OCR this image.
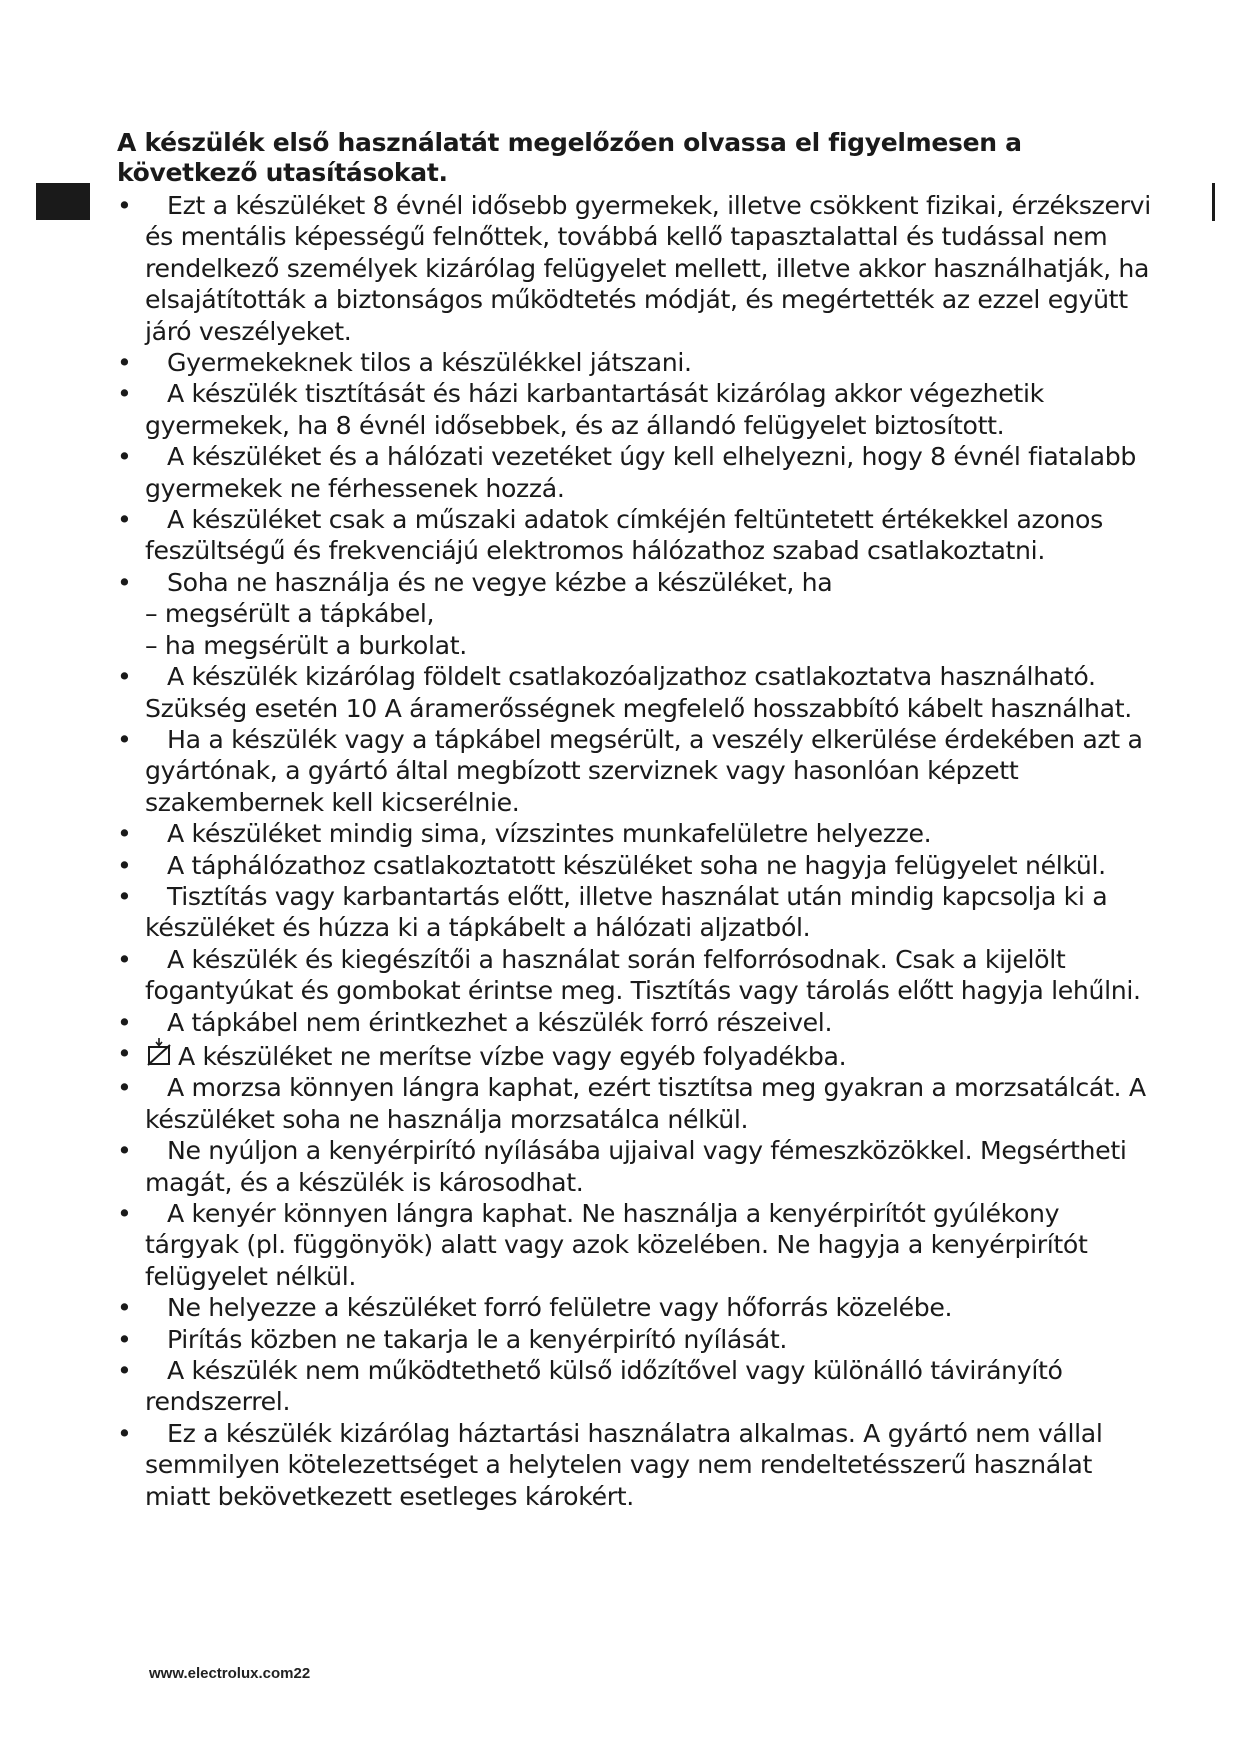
A készülék első használatát megelőzően olvassa el figyelmesen a következő utasításokat.
• Ezt a készüléket 8 évnél idősebb gyermekek, illetve csökkent fizikai, érzékszervi és mentális képességű felnőttek, továbbá kellő tapasztalattal és tudással nem rendelkező személyek kizárólag felügyelet mellett, illetve akkor használhatják, ha elsajátították a biztonságos működtetés módját, és megértették az ezzel együtt járó veszélyeket.
• Gyermekeknek tilos a készülékkel játszani.
• A készülék tisztítását és házi karbantartását kizárólag akkor végezhetik gyermekek, ha 8 évnél idősebbek, és az állandó felügyelet biztosított.
• A készüléket és a hálózati vezetéket úgy kell elhelyezni, hogy 8 évnél fiatalabb gyermekek ne férhessenek hozzá.
• A készüléket csak a műszaki adatok címkéjén feltüntetett értékekkel azonos feszültségű és frekvenciájú elektromos hálózathoz szabad csatlakoztatni.
• Soha ne használja és ne vegye kézbe a készüléket, ha
– megsérült a tápkábel,
– ha megsérült a burkolat.
• A készülék kizárólag földelt csatlakozóaljzathoz csatlakoztatva használható. Szükség esetén 10 A áramerősségnek megfelelő hosszabbító kábelt használhat.
• Ha a készülék vagy a tápkábel megsérült, a veszély elkerülése érdekében azt a gyártónak, a gyártó által megbízott szerviznek vagy hasonlóan képzett szakembernek kell kicserélnie.
• A készüléket mindig sima, vízszintes munkafelületre helyezze.
• A táphálózathoz csatlakoztatott készüléket soha ne hagyja felügyelet nélkül.
• Tisztítás vagy karbantartás előtt, illetve használat után mindig kapcsolja ki a készüléket és húzza ki a tápkábelt a hálózati aljzatból.
• A készülék és kiegészítői a használat során felforrósodnak. Csak a kijelölt fogantyúkat és gombokat érintse meg. Tisztítás vagy tárolás előtt hagyja lehűlni.
• A tápkábel nem érintkezhet a készülék forró részeivel.
• A készüléket ne merítse vízbe vagy egyéb folyadékba.
• A morzsa könnyen lángra kaphat, ezért tisztítsa meg gyakran a morzsatálcát. A készüléket soha ne használja morzsatálca nélkül.
• Ne nyúljon a kenyérpirító nyílásába ujjaival vagy fémeszközökkel. Megsértheti magát, és a készülék is károsodhat.
• A kenyér könnyen lángra kaphat. Ne használja a kenyérpirítót gyúlékony tárgyak (pl. függönyök) alatt vagy azok közelében. Ne hagyja a kenyérpirítót felügyelet nélkül.
• Ne helyezze a készüléket forró felületre vagy hőforrás közelébe.
• Pirítás közben ne takarja le a kenyérpirító nyílását.
• A készülék nem működtethető külső időzítővel vagy különálló távirányító rendszerrel.
• Ez a készülék kizárólag háztartási használatra alkalmas. A gyártó nem vállal semmilyen kötelezettséget a helytelen vagy nem rendeltetésszerű használat miatt bekövetkezett esetleges károkért.
www.electrolux.com22
